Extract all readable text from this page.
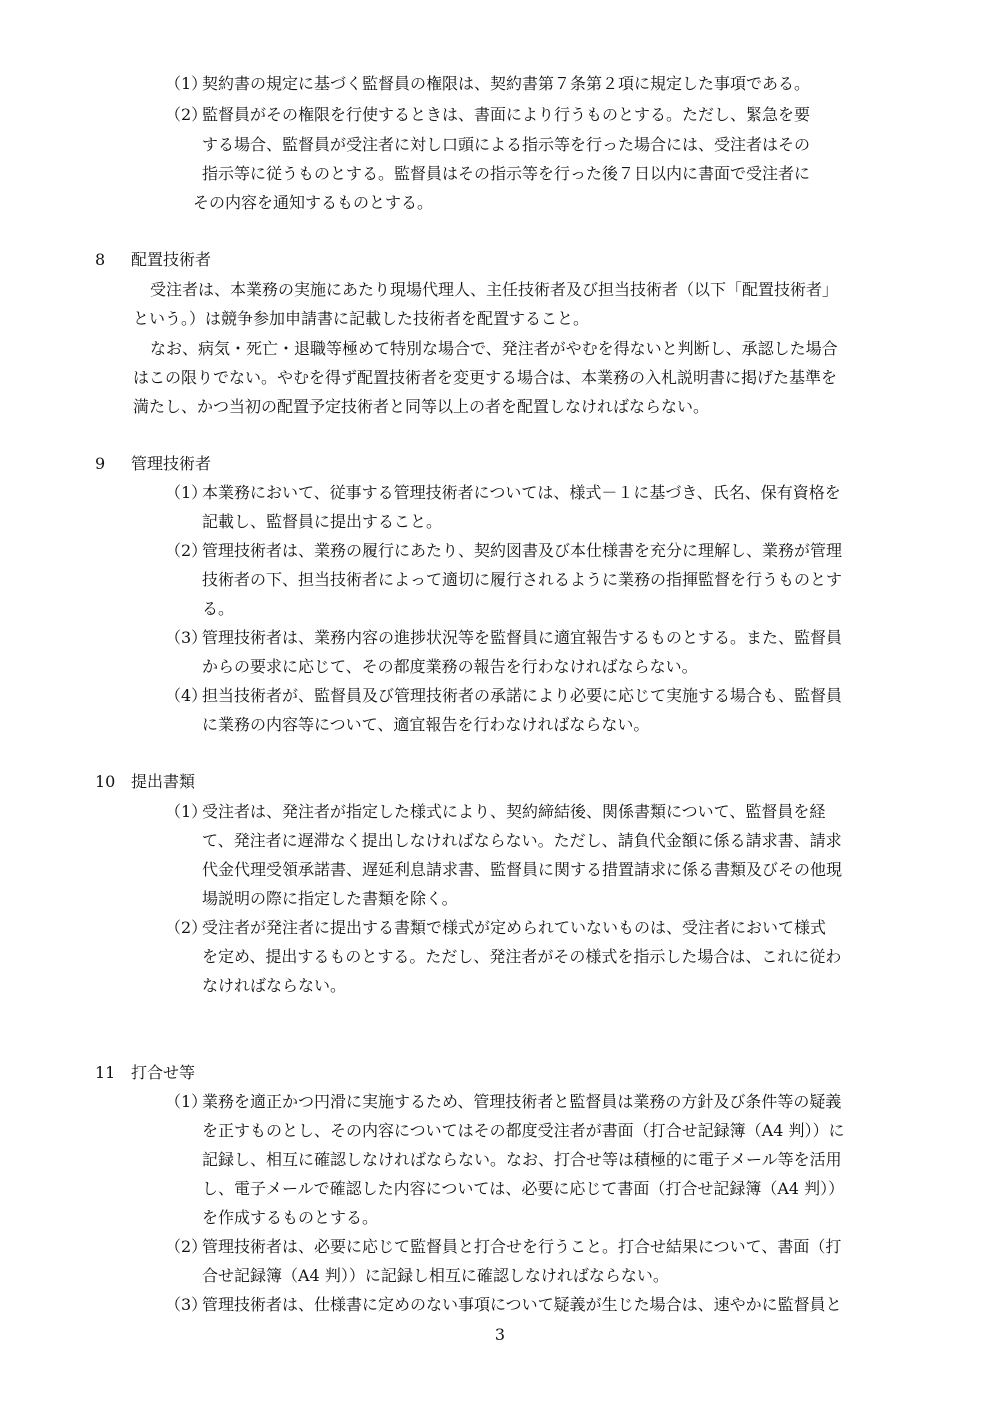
（1）
契約書の規定に基づく監督員の権限は、契約書第７条第２項に規定した事項である。
（2）
監督員がその権限を行使するときは、書面により行うものとする。ただし、緊急を要
する場合、監督員が受注者に対し口頭による指示等を行った場合には、受注者はその
指示等に従うものとする。監督員はその指示等を行った後７日以内に書面で受注者に
その内容を通知するものとする。
8 配置技術者
受注者は、本業務の実施にあたり現場代理人、主任技術者及び担当技術者（以下「配置技術者」
という。）は競争参加申請書に記載した技術者を配置すること。
なお、病気・死亡・退職等極めて特別な場合で、発注者がやむを得ないと判断し、承認した場合
はこの限りでない。やむを得ず配置技術者を変更する場合は、本業務の入札説明書に掲げた基準を
満たし、かつ当初の配置予定技術者と同等以上の者を配置しなければならない。
9 管理技術者
（1）
本業務において、従事する管理技術者については、様式－１に基づき、氏名、保有資格を
記載し、監督員に提出すること。
（2）
管理技術者は、業務の履行にあたり、契約図書及び本仕様書を充分に理解し、業務が管理
技術者の下、担当技術者によって適切に履行されるように業務の指揮監督を行うものとす
る。
（3）
管理技術者は、業務内容の進捗状況等を監督員に適宜報告するものとする。また、監督員
からの要求に応じて、その都度業務の報告を行わなければならない。
（4）
担当技術者が、監督員及び管理技術者の承諾により必要に応じて実施する場合も、監督員
に業務の内容等について、適宜報告を行わなければならない。
10 提出書類
（1）
受注者は、発注者が指定した様式により、契約締結後、関係書類について、監督員を経
て、発注者に遅滞なく提出しなければならない。ただし、請負代金額に係る請求書、請求
代金代理受領承諾書、遅延利息請求書、監督員に関する措置請求に係る書類及びその他現
場説明の際に指定した書類を除く。
（2）
受注者が発注者に提出する書類で様式が定められていないものは、受注者において様式
を定め、提出するものとする。ただし、発注者がその様式を指示した場合は、これに従わ
なければならない。
11 打合せ等
（1）
業務を適正かつ円滑に実施するため、管理技術者と監督員は業務の方針及び条件等の疑義
を正すものとし、その内容についてはその都度受注者が書面（打合せ記録簿（A4 判））に
記録し、相互に確認しなければならない。なお、打合せ等は積極的に電子メール等を活用
し、電子メールで確認した内容については、必要に応じて書面（打合せ記録簿（A4 判））
を作成するものとする。
（2）
管理技術者は、必要に応じて監督員と打合せを行うこと。打合せ結果について、書面（打
合せ記録簿（A4 判））に記録し相互に確認しなければならない。
（3）
管理技術者は、仕様書に定めのない事項について疑義が生じた場合は、速やかに監督員と
3
